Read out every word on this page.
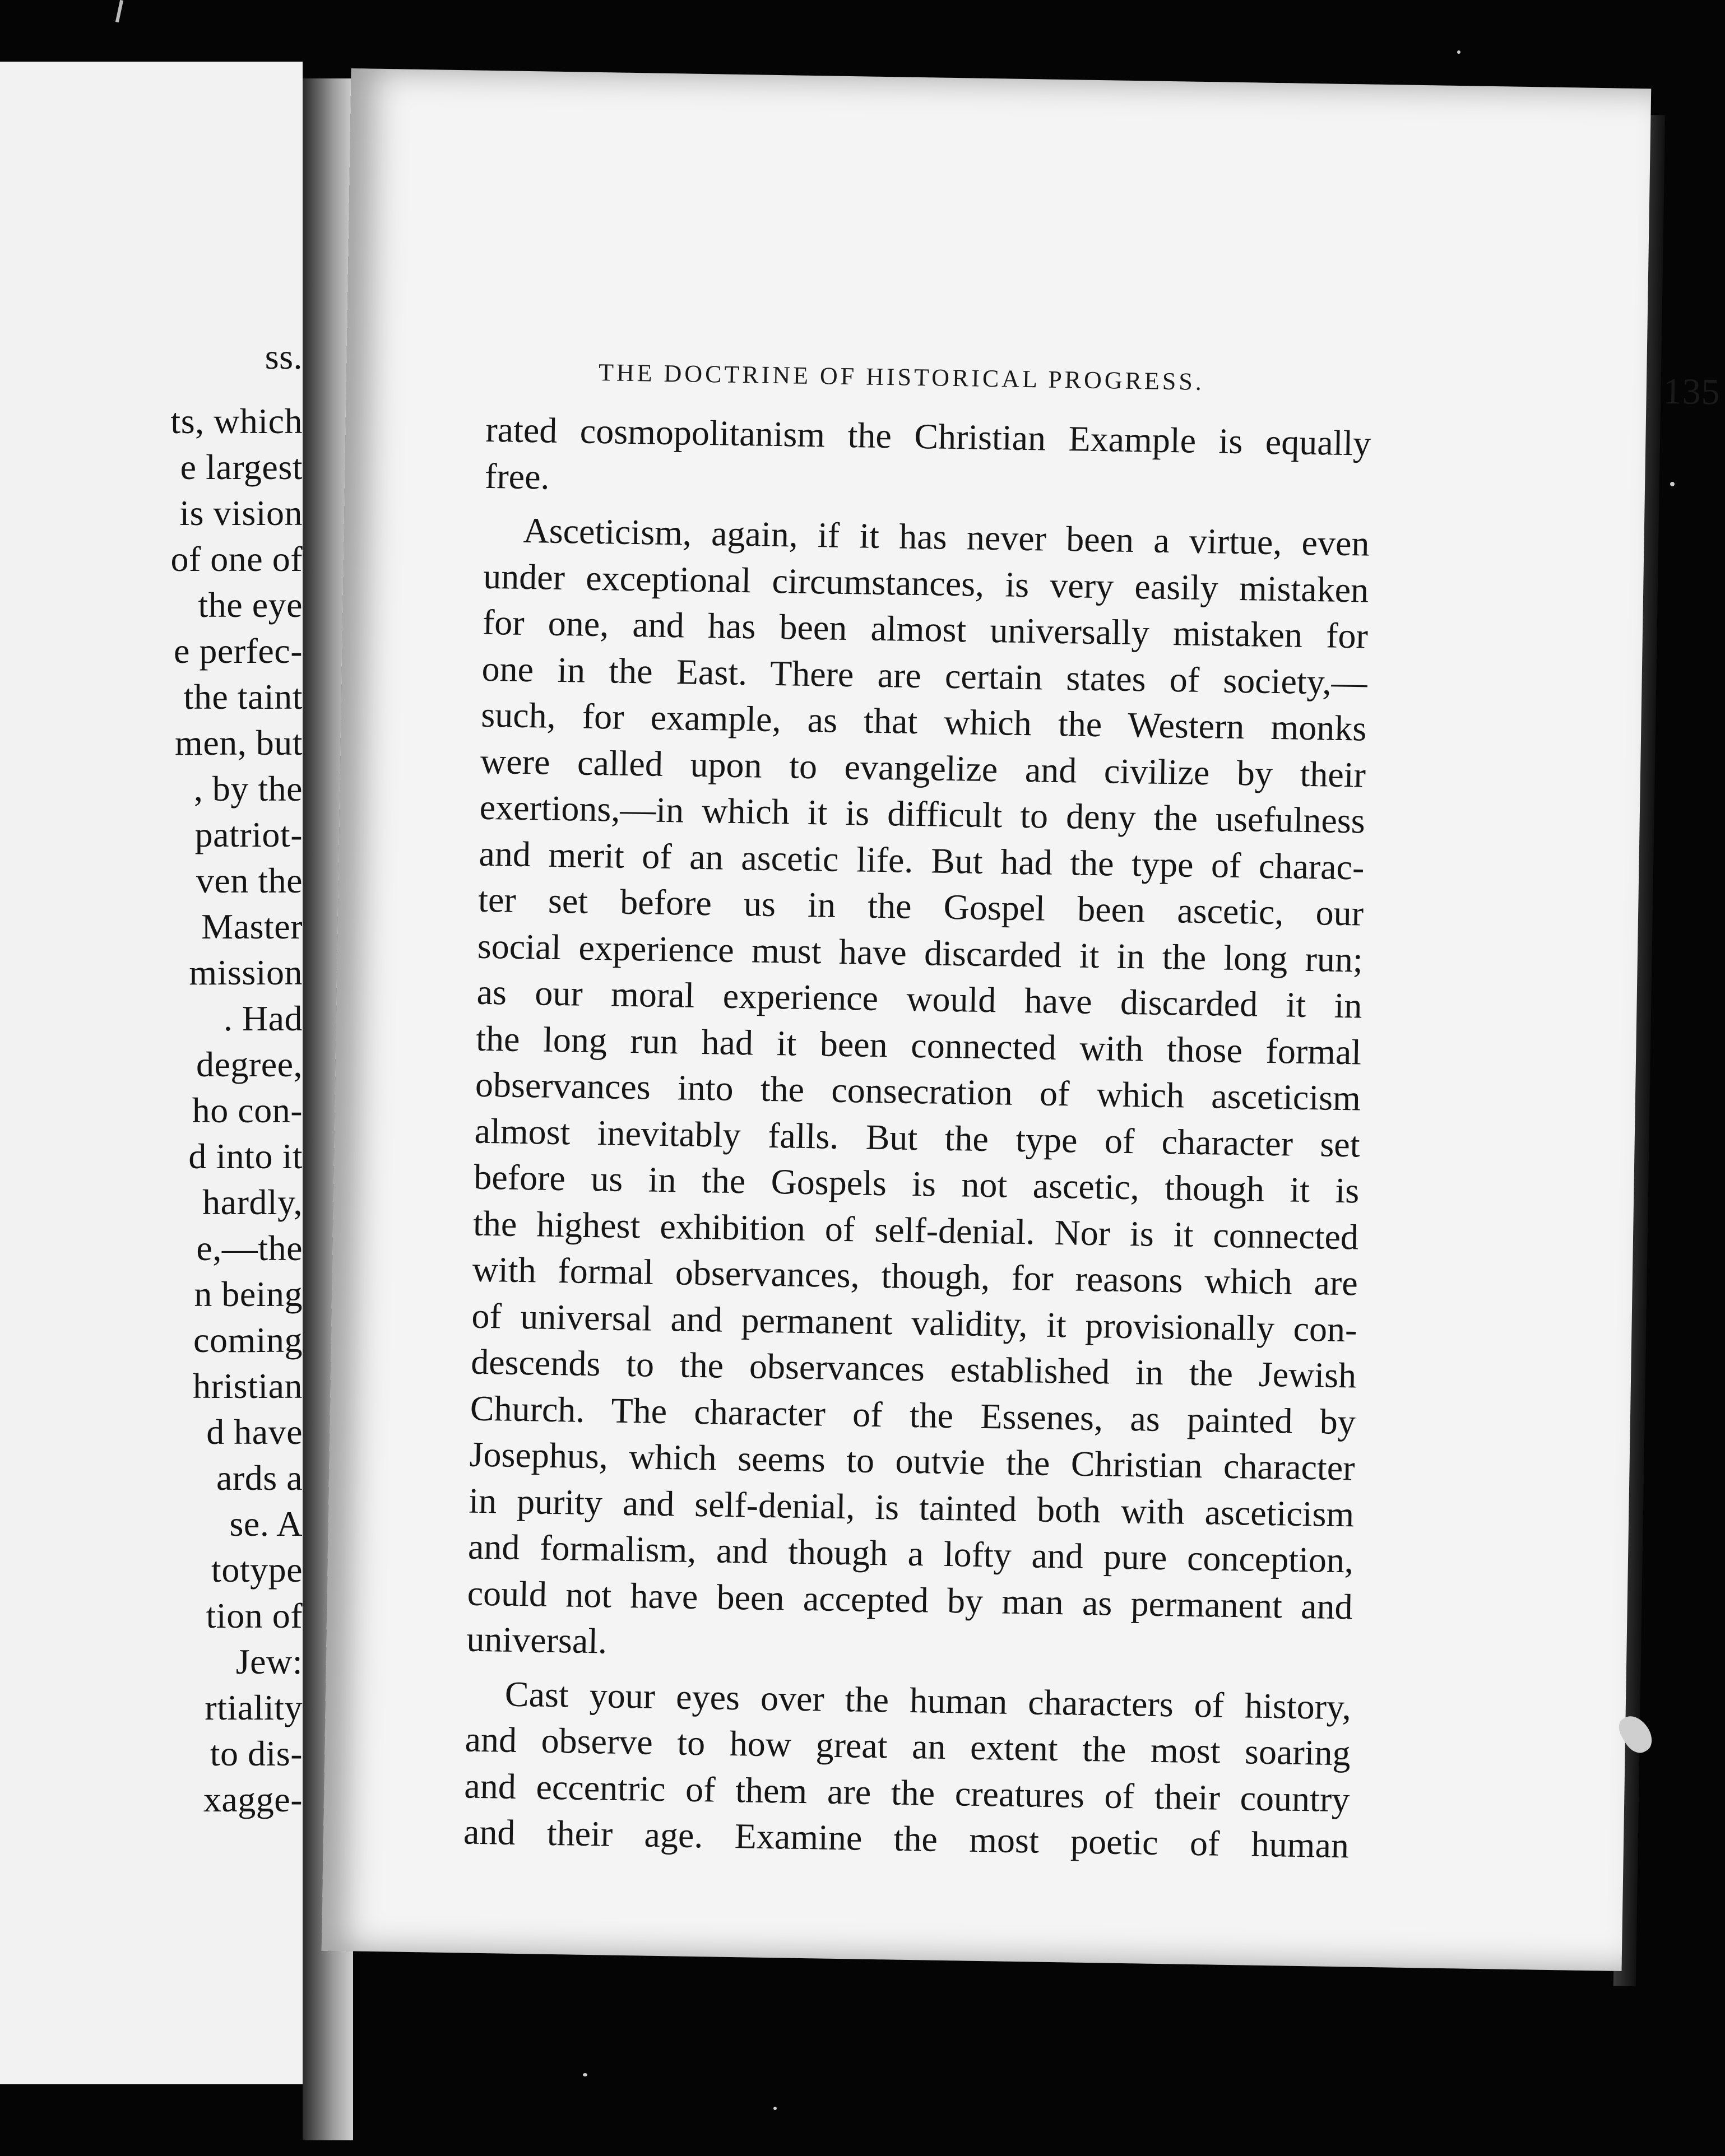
ss.
ts, which
e largest
is vision
of one of
the eye
e perfec-
the taint
men, but
, by the
patriot-
ven the
Master
mission
. Had
degree,
ho con-
d into it
hardly,
e,—the
n being
coming
hristian
d have
ards a
se. A
totype
tion of
Jew:
rtiality
to dis-
xagge-
THE DOCTRINE OF HISTORICAL PROGRESS.	135
rated cosmopolitanism the Christian Example is equally
free.
Asceticism, again, if it has never been a virtue, even
under exceptional circumstances, is very easily mistaken
for one, and has been almost universally mistaken for
one in the East. There are certain states of society,—
such, for example, as that which the Western monks
were called upon to evangelize and civilize by their
exertions,—in which it is difficult to deny the usefulness
and merit of an ascetic life. But had the type of charac-
ter set before us in the Gospel been ascetic, our
social experience must have discarded it in the long run;
as our moral experience would have discarded it in
the long run had it been connected with those formal
observances into the consecration of which asceticism
almost inevitably falls. But the type of character set
before us in the Gospels is not ascetic, though it is
the highest exhibition of self-denial. Nor is it connected
with formal observances, though, for reasons which are
of universal and permanent validity, it provisionally con-
descends to the observances established in the Jewish
Church. The character of the Essenes, as painted by
Josephus, which seems to outvie the Christian character
in purity and self-denial, is tainted both with asceticism
and formalism, and though a lofty and pure conception,
could not have been accepted by man as permanent and
universal.
Cast your eyes over the human characters of history,
and observe to how great an extent the most soaring
and eccentric of them are the creatures of their country
and their age. Examine the most poetic of human
